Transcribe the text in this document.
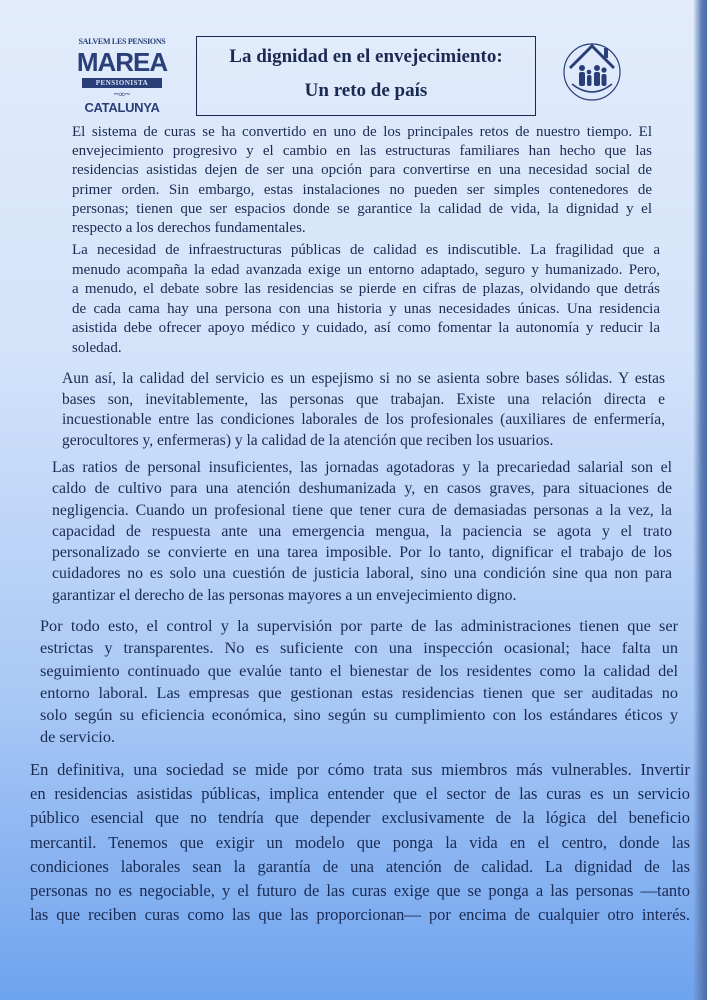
SALVEM LES PENSIONS
MAREA
PENSIONISTA
~∞~
CATALUNYA
La dignidad en el envejecimiento:
Un reto de país
El sistema de curas se ha convertido en uno de los principales retos de nuestro tiempo. El
envejecimiento progresivo y el cambio en las estructuras familiares han hecho que las
residencias asistidas dejen de ser una opción para convertirse en una necesidad social de
primer orden. Sin embargo, estas instalaciones no pueden ser simples contenedores de
personas; tienen que ser espacios donde se garantice la calidad de vida, la dignidad y el
respecto a los derechos fundamentales.
La necesidad de infraestructuras públicas de calidad es indiscutible. La fragilidad que a
menudo acompaña la edad avanzada exige un entorno adaptado, seguro y humanizado. Pero,
a menudo, el debate sobre las residencias se pierde en cifras de plazas, olvidando que detrás
de cada cama hay una persona con una historia y unas necesidades únicas. Una residencia
asistida debe ofrecer apoyo médico y cuidado, así como fomentar la autonomía y reducir la
soledad.
Aun así, la calidad del servicio es un espejismo si no se asienta sobre bases sólidas. Y estas
bases son, inevitablemente, las personas que trabajan. Existe una relación directa e
incuestionable entre las condiciones laborales de los profesionales (auxiliares de enfermería,
gerocultores y, enfermeras) y la calidad de la atención que reciben los usuarios.
Las ratios de personal insuficientes, las jornadas agotadoras y la precariedad salarial son el
caldo de cultivo para una atención deshumanizada y, en casos graves, para situaciones de
negligencia. Cuando un profesional tiene que tener cura de demasiadas personas a la vez, la
capacidad de respuesta ante una emergencia mengua, la paciencia se agota y el trato
personalizado se convierte en una tarea imposible. Por lo tanto, dignificar el trabajo de los
cuidadores no es solo una cuestión de justicia laboral, sino una condición sine qua non para
garantizar el derecho de las personas mayores a un envejecimiento digno.
Por todo esto, el control y la supervisión por parte de las administraciones tienen que ser
estrictas y transparentes. No es suficiente con una inspección ocasional; hace falta un
seguimiento continuado que evalúe tanto el bienestar de los residentes como la calidad del
entorno laboral. Las empresas que gestionan estas residencias tienen que ser auditadas no
solo según su eficiencia económica, sino según su cumplimiento con los estándares éticos y
de servicio.
En definitiva, una sociedad se mide por cómo trata sus miembros más vulnerables. Invertir
en residencias asistidas públicas, implica entender que el sector de las curas es un servicio
público esencial que no tendría que depender exclusivamente de la lógica del beneficio
mercantil. Tenemos que exigir un modelo que ponga la vida en el centro, donde las
condiciones laborales sean la garantía de una atención de calidad. La dignidad de las
personas no es negociable, y el futuro de las curas exige que se ponga a las personas —tanto
las que reciben curas como las que las proporcionan— por encima de cualquier otro interés.
